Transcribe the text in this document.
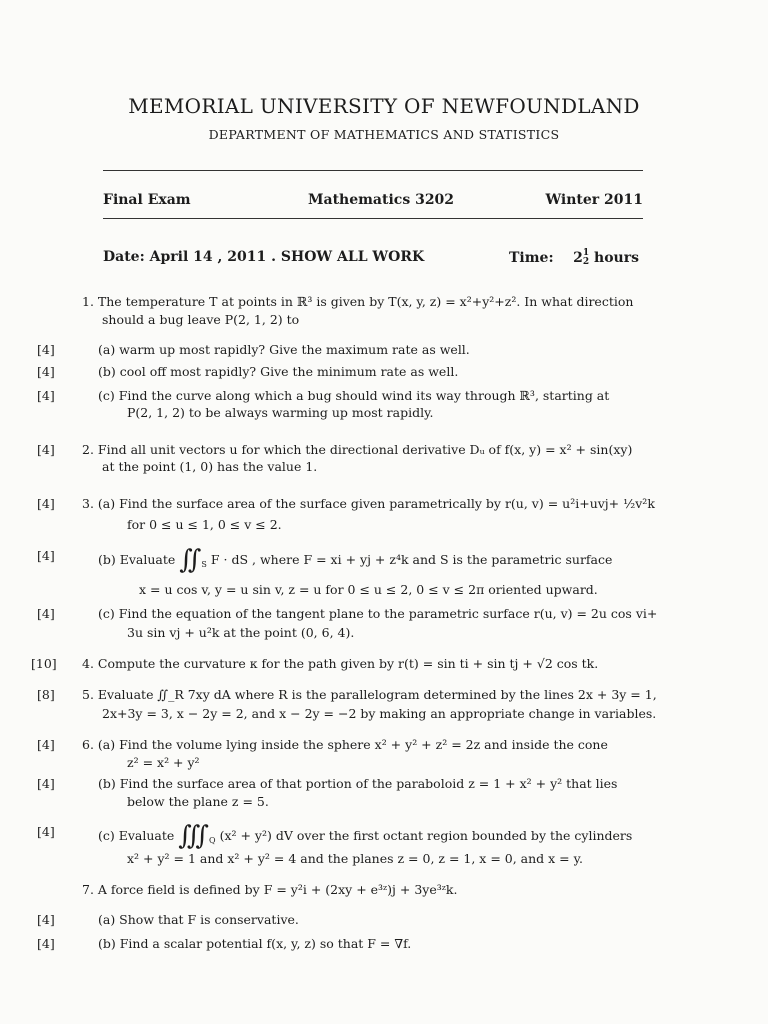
MEMORIAL UNIVERSITY OF NEWFOUNDLAND
DEPARTMENT OF MATHEMATICS AND STATISTICS
Final Exam	Mathematics 3202	Winter 2011
Date: April 14 , 2011 . SHOW ALL WORK	Time: 2 1
2 hours
1. The temperature T at points in ℝ³ is given by T(x, y, z) = x²+y²+z². In what direction
should a bug leave P(2, 1, 2) to
[4]	(a) warm up most rapidly? Give the maximum rate as well.
[4]	(b) cool off most rapidly? Give the minimum rate as well.
[4]	(c) Find the curve along which a bug should wind its way through ℝ³, starting at
P(2, 1, 2) to be always warming up most rapidly.
[4] 2. Find all unit vectors u for which the directional derivative Dᵤ of f(x, y) = x² + sin(xy)
at the point (1, 0) has the value 1.
[4] 3. (a) Find the surface area of the surface given parametrically by r(u, v) = u²i+uvj+ ½v²k
for 0 ≤ u ≤ 1, 0 ≤ v ≤ 2.
[4]	(b) Evaluate $∬_S$ F · dS , where F = xi + yj + z⁴k and S is the parametric surface
x = u cos v, y = u sin v, z = u for 0 ≤ u ≤ 2, 0 ≤ v ≤ 2π oriented upward.
[4]	(c) Find the equation of the tangent plane to the parametric surface r(u, v) = 2u cos vi+
3u sin vj + u²k at the point (0, 6, 4).
[10] 4. Compute the curvature κ for the path given by r(t) = sin ti + sin tj + √2 cos tk.
[8] 5. Evaluate ∬_R 7xy dA where R is the parallelogram determined by the lines 2x + 3y = 1,
2x+3y = 3, x − 2y = 2, and x − 2y = −2 by making an appropriate change in variables.
[4] 6. (a) Find the volume lying inside the sphere x² + y² + z² = 2z and inside the cone
z² = x² + y²
[4]	(b) Find the surface area of that portion of the paraboloid z = 1 + x² + y² that lies
below the plane z = 5.
[4]	(c) Evaluate $∭_Q$ (x² + y²) dV over the first octant region bounded by the cylinders
x² + y² = 1 and x² + y² = 4 and the planes z = 0, z = 1, x = 0, and x = y.
7. A force field is defined by F = y²i + (2xy + e³ᶻ)j + 3ye³ᶻk.
[4]	(a) Show that F is conservative.
[4]	(b) Find a scalar potential f(x, y, z) so that F = ∇f.
